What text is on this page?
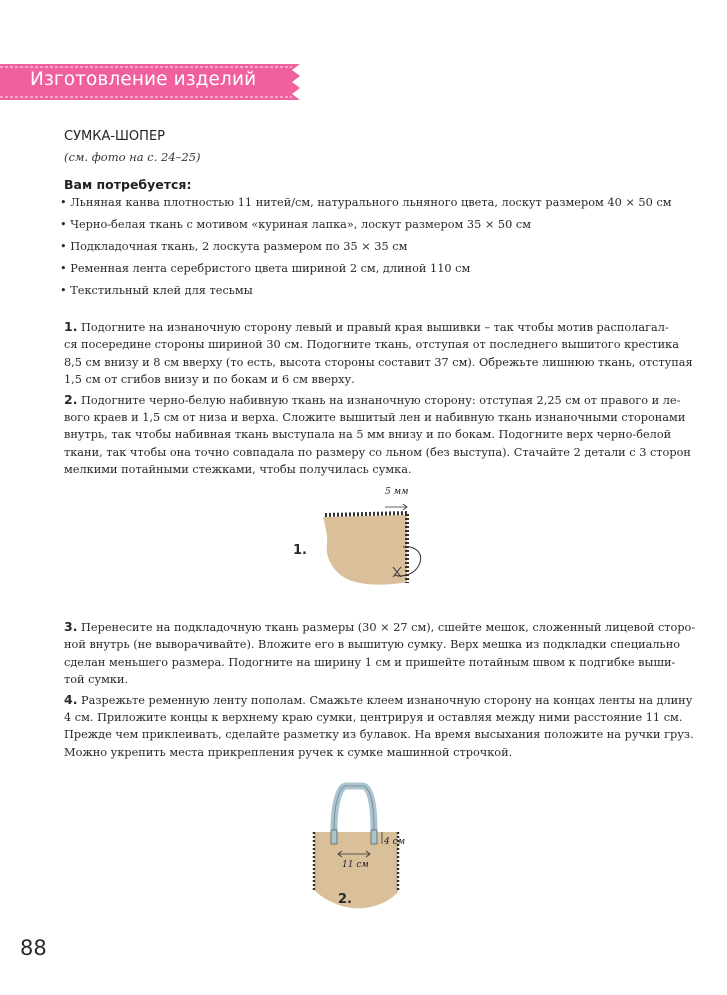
Изготовление изделий
СУМКА-ШОПЕР
(см. фото на с. 24–25)
Вам потребуется:
• Льняная канва плотностью 11 нитей/см, натурального льняного цвета, лоскут размером 40 × 50 см
• Черно-белая ткань с мотивом «куриная лапка», лоскут размером 35 × 50 см
• Подкладочная ткань, 2 лоскута размером по 35 × 35 см
• Ременная лента серебристого цвета шириной 2 см, длиной 110 см
• Текстильный клей для тесьмы

1. Подогните на изнаночную сторону левый и правый края вышивки – так чтобы мотив располагал-

ся посередине стороны шириной 30 см. Подогните ткань, отступая от последнего вышитого крестика

8,5 см внизу и 8 см вверху (то есть, высота стороны составит 37 см). Обрежьте лишнюю ткань, отступая

1,5 см от сгибов внизу и по бокам и 6 см вверху.

2. Подогните черно-белую набивную ткань на изнаночную сторону: отступая 2,25 см от правого и ле-

вого краев и 1,5 см от низа и верха. Сложите вышитый лен и набивную ткань изнаночными сторонами

внутрь, так чтобы набивная ткань выступала на 5 мм внизу и по бокам. Подогните верх черно-белой

ткани, так чтобы она точно совпадала по размеру со льном (без выступа). Стачайте 2 детали с 3 сторон

мелкими потайными стежками, чтобы получилась сумка.

5 мм
1.

3. Перенесите на подкладочную ткань размеры (30 × 27 см), сшейте мешок, сложенный лицевой сторо-

ной внутрь (не выворачивайте). Вложите его в вышитую сумку. Верх мешка из подкладки специально

сделан меньшего размера. Подогните на ширину 1 см и пришейте потайным швом к подгибке выши-

той сумки.

4. Разрежьте ременную ленту пополам. Смажьте клеем изнаночную сторону на концах ленты на длину

4 см. Приложите концы к верхнему краю сумки, центрируя и оставляя между ними расстояние 11 см.

Прежде чем приклеивать, сделайте разметку из булавок. На время высыхания положите на ручки груз.

Можно укрепить места прикрепления ручек к сумке машинной строчкой.

4 см
11 см
2.
88
